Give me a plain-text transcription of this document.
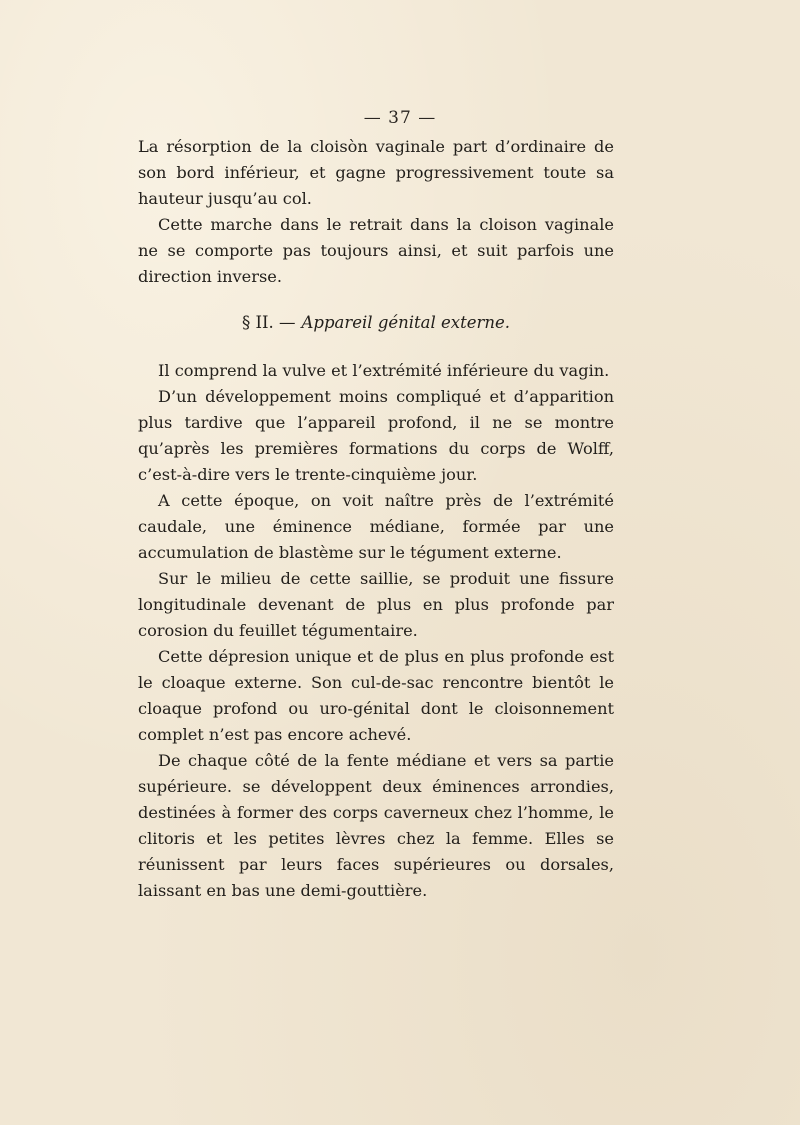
— 37 —

La résorption de la cloisòn vaginale part d’ordinaire de son bord inférieur, et gagne progressivement toute sa hauteur jusqu’au col.

Cette marche dans le retrait dans la cloison vaginale ne se comporte pas toujours ainsi, et suit parfois une direction inverse.

§ II. — Appareil génital externe.

Il comprend la vulve et l’extrémité inférieure du vagin.

D’un développement moins compliqué et d’apparition plus tardive que l’appareil profond, il ne se montre qu’après les premières formations du corps de Wolff, c’est-à-dire vers le trente-cinquième jour.

A cette époque, on voit naître près de l’extrémité caudale, une éminence médiane, formée par une accumulation de blastème sur le tégument externe.

Sur le milieu de cette saillie, se produit une fissure longitudinale devenant de plus en plus profonde par corosion du feuillet tégumentaire.

Cette dépresion unique et de plus en plus profonde est le cloaque externe. Son cul-de-sac rencontre bientôt le cloaque profond ou uro-génital dont le cloisonnement complet n’est pas encore achevé.

De chaque côté de la fente médiane et vers sa partie supérieure. se développent deux éminences arrondies, destinées à former des corps caverneux chez l’homme, le clitoris et les petites lèvres chez la femme. Elles se réunissent par leurs faces supérieures ou dorsales, laissant en bas une demi-gouttière.
